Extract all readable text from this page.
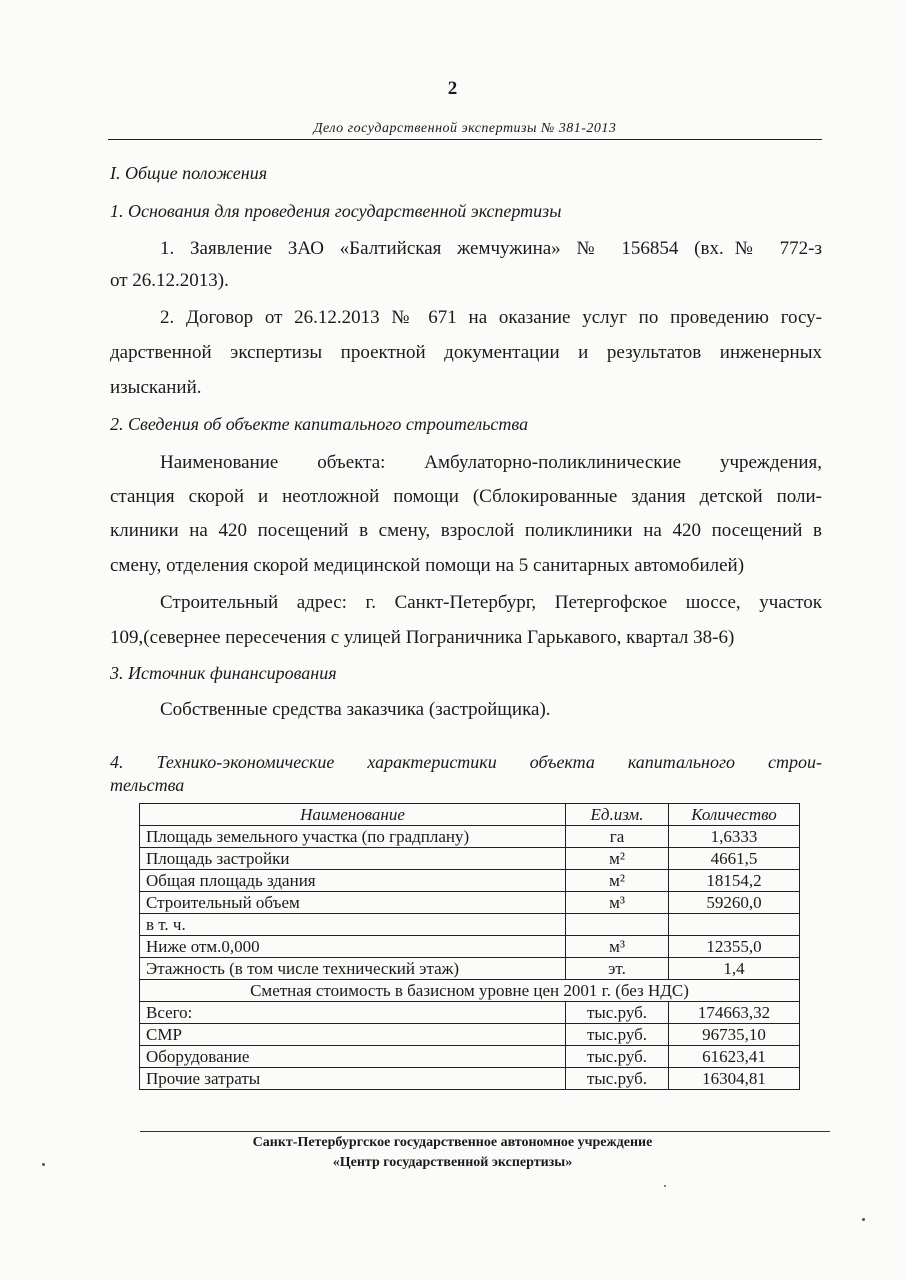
2
Дело государственной экспертизы № 381-2013
I. Общие положения
1. Основания для проведения государственной экспертизы
1. Заявление ЗАО «Балтийская жемчужина» № 156854 (вх.№ 772-з
от 26.12.2013).
2. Договор от 26.12.2013 № 671 на оказание услуг по проведению госу-
дарственной экспертизы проектной документации и результатов инженерных
изысканий.
2. Сведения об объекте капитального строительства
Наименование объекта: Амбулаторно-поликлинические учреждения,
станция скорой и неотложной помощи (Сблокированные здания детской поли-
клиники на 420 посещений в смену, взрослой поликлиники на 420 посещений в
смену, отделения скорой медицинской помощи на 5 санитарных автомобилей)
Строительный адрес: г. Санкт-Петербург, Петергофское шоссе, участок
109,(севернее пересечения с улицей Пограничника Гарькавого, квартал 38-6)
3. Источник финансирования
Собственные средства заказчика (застройщика).
4. Технико-экономические характеристики объекта капитального строи-
тельства
Наименование	Ед.изм.	Количество
Площадь земельного участка (по градплану)	га	1,6333
Площадь застройки	м²	4661,5
Общая площадь здания	м²	18154,2
Строительный объем	м³	59260,0
в т. ч.		
Ниже отм.0,000	м³	12355,0
Этажность (в том числе технический этаж)	эт.	1,4
Сметная стоимость в базисном уровне цен 2001 г. (без НДС)		
Всего:	тыс.руб.	174663,32
СМР	тыс.руб.	96735,10
Оборудование	тыс.руб.	61623,41
Прочие затраты	тыс.руб.	16304,81
Санкт-Петербургское государственное автономное учреждение
«Центр государственной экспертизы»
